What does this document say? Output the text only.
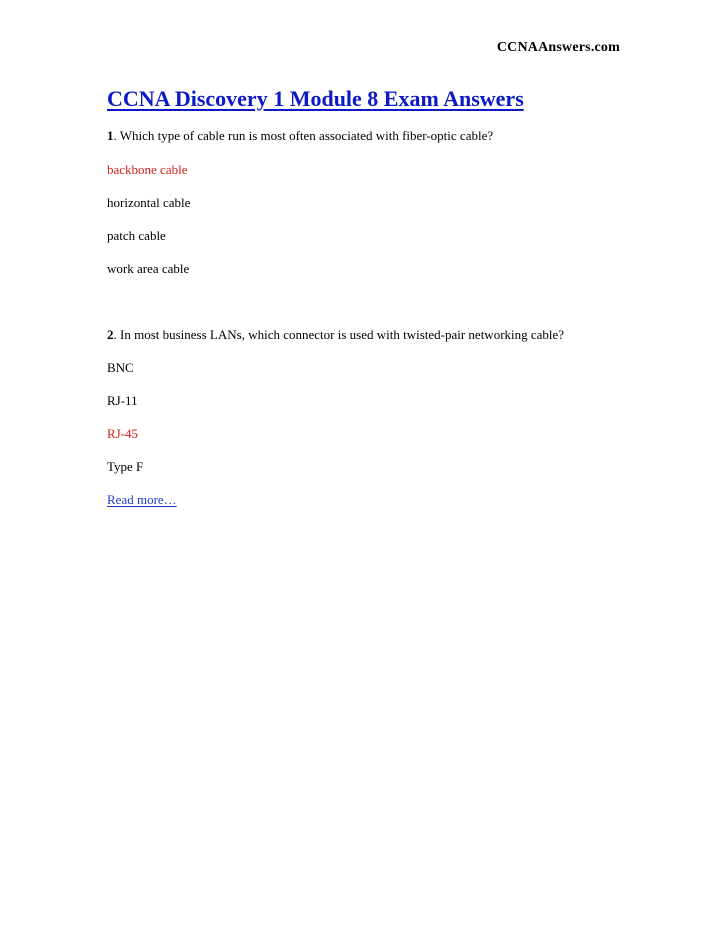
CCNAAnswers.com
CCNA Discovery 1 Module 8 Exam Answers
1. Which type of cable run is most often associated with fiber-optic cable?
backbone cable
horizontal cable
patch cable
work area cable
2. In most business LANs, which connector is used with twisted-pair networking cable?
BNC
RJ-11
RJ-45
Type F
Read more…
